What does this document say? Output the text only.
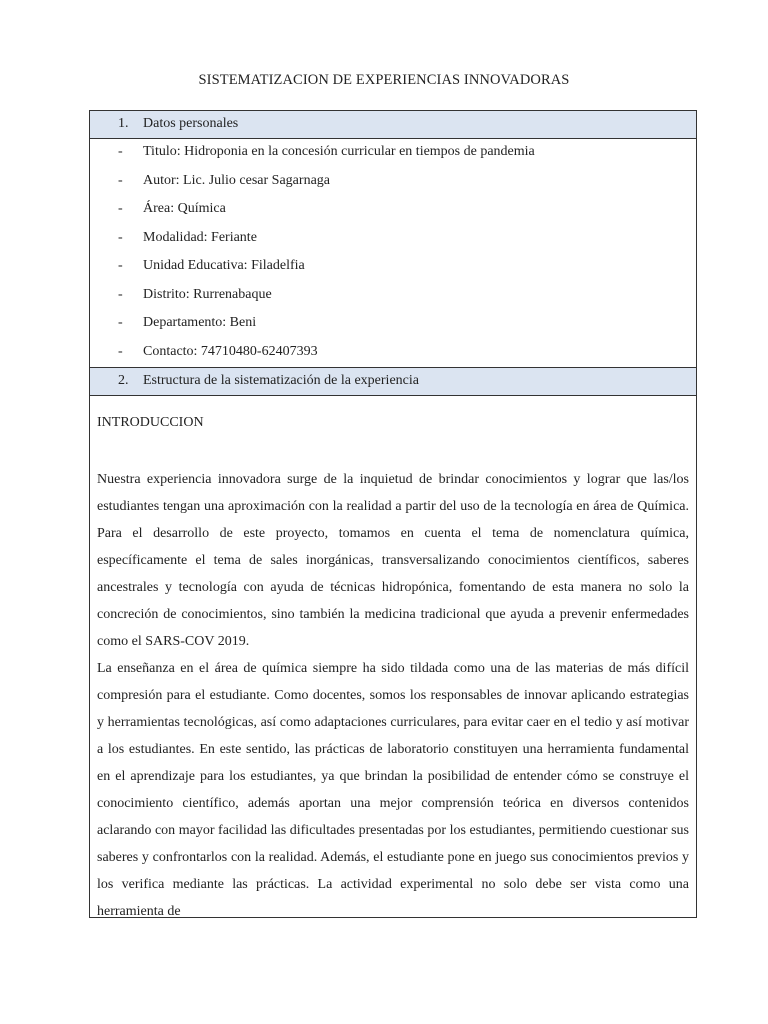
SISTEMATIZACION DE EXPERIENCIAS INNOVADORAS
1. Datos personales
- Titulo: Hidroponia en la concesión curricular en tiempos de pandemia
- Autor: Lic. Julio cesar Sagarnaga
- Área: Química
- Modalidad: Feriante
- Unidad Educativa: Filadelfia
- Distrito: Rurrenabaque
- Departamento: Beni
- Contacto: 74710480-62407393
2. Estructura de la sistematización de la experiencia
INTRODUCCION

Nuestra experiencia innovadora surge de la inquietud de brindar conocimientos y lograr que las/los estudiantes tengan una aproximación con la realidad a partir del uso de la tecnología en área de Química. Para el desarrollo de este proyecto, tomamos en cuenta el tema de nomenclatura química, específicamente el tema de sales inorgánicas, transversalizando conocimientos científicos, saberes ancestrales y tecnología con ayuda de técnicas hidropónica, fomentando de esta manera no solo la concreción de conocimientos, sino también la medicina tradicional que ayuda a prevenir enfermedades como el SARS-COV 2019.

La enseñanza en el área de química siempre ha sido tildada como una de las materias de más difícil compresión para el estudiante. Como docentes, somos los responsables de innovar aplicando estrategias y herramientas tecnológicas, así como adaptaciones curriculares, para evitar caer en el tedio y así motivar a los estudiantes. En este sentido, las prácticas de laboratorio constituyen una herramienta fundamental en el aprendizaje para los estudiantes, ya que brindan la posibilidad de entender cómo se construye el conocimiento científico, además aportan una mejor comprensión teórica en diversos contenidos aclarando con mayor facilidad las dificultades presentadas por los estudiantes, permitiendo cuestionar sus saberes y confrontarlos con la realidad. Además, el estudiante pone en juego sus conocimientos previos y los verifica mediante las prácticas. La actividad experimental no solo debe ser vista como una herramienta de
